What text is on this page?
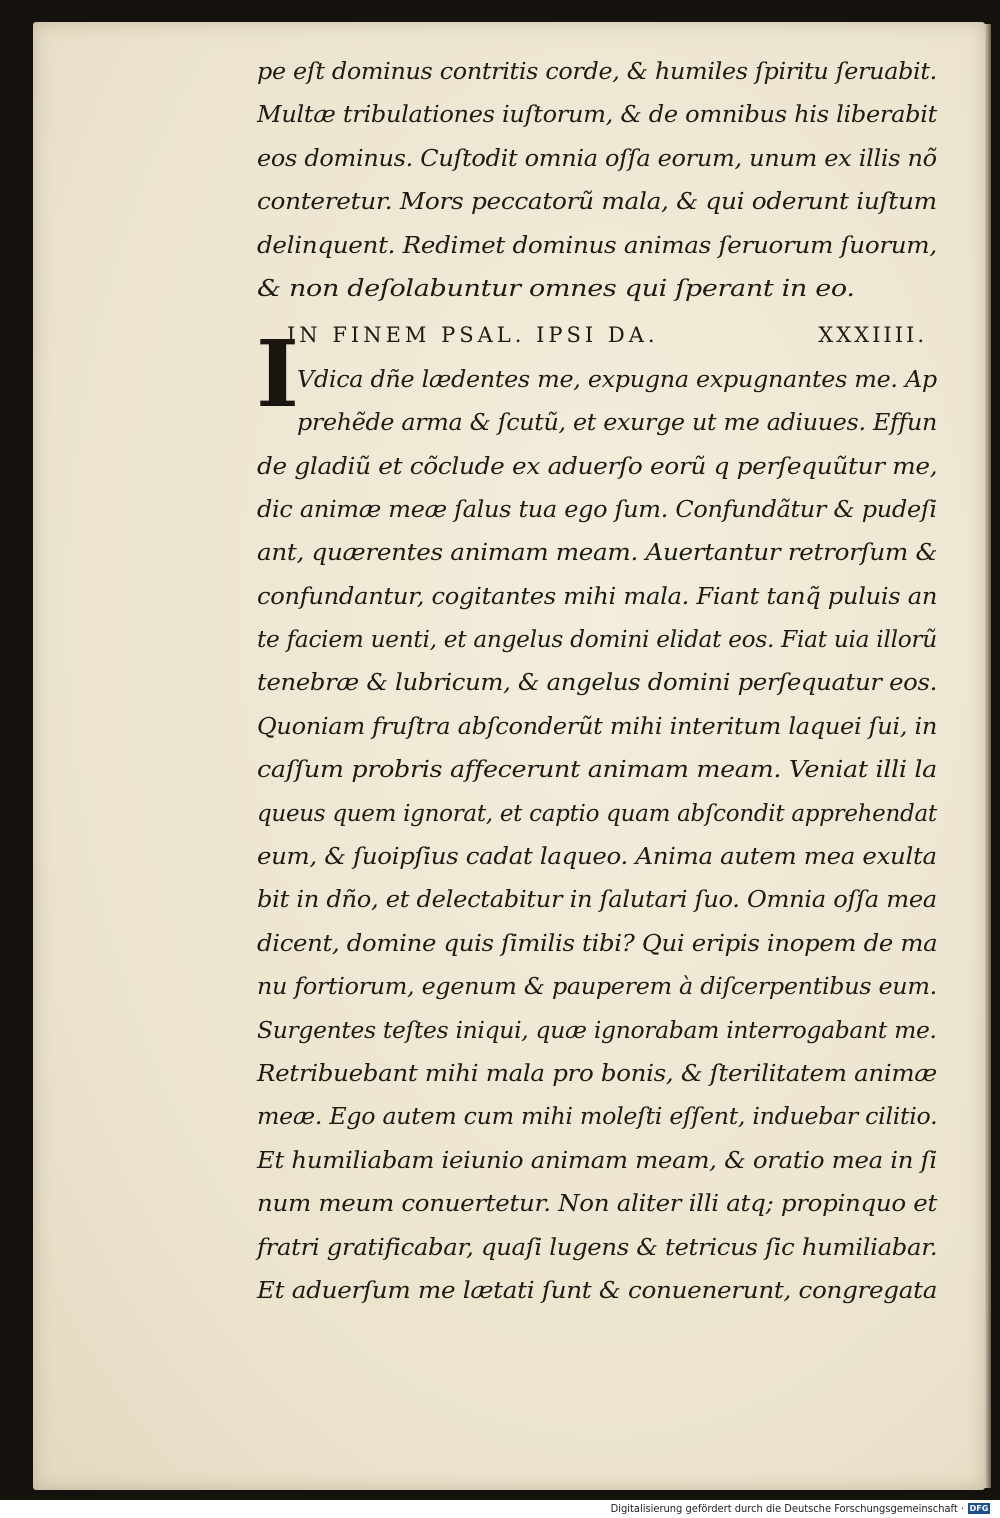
I
pe eſt dominus contritis corde, & humiles ſpiritu ſeruabit.
Multæ tribulationes iuſtorum, & de omnibus his liberabit
eos dominus. Cuſtodit omnia oſſa eorum, unum ex illis nõ
conteretur. Mors peccatorũ mala, & qui oderunt iuſtum
delinquent. Redimet dominus animas ſeruorum ſuorum,
& non deſolabuntur omnes qui ſperant in eo.
IN FINEM PSAL. IPSI DA.	XXXIIII.
Vdica dñe lædentes me, expugna expugnantes me. Ap
prehẽde arma & ſcutũ, et exurge ut me adiuues. Effun
de gladiũ et cõclude ex aduerſo eorũ q perſequũtur me,
dic animæ meæ ſalus tua ego ſum. Confundãtur & pudeſi
ant, quærentes animam meam. Auertantur retrorſum &
confundantur, cogitantes mihi mala. Fiant tanq̃ puluis an
te faciem uenti, et angelus domini elidat eos. Fiat uia illorũ
tenebræ & lubricum, & angelus domini perſequatur eos.
Quoniam fruſtra abſconderũt mihi interitum laquei ſui, in
caſſum probris affecerunt animam meam. Veniat illi la
queus quem ignorat, et captio quam abſcondit apprehendat
eum, & ſuoipſius cadat laqueo. Anima autem mea exulta
bit in dño, et delectabitur in ſalutari ſuo. Omnia oſſa mea
dicent, domine quis ſimilis tibi? Qui eripis inopem de ma
nu fortiorum, egenum & pauperem à diſcerpentibus eum.
Surgentes teſtes iniqui, quæ ignorabam interrogabant me.
Retribuebant mihi mala pro bonis, & ſterilitatem animæ
meæ. Ego autem cum mihi moleſti eſſent, induebar cilitio.
Et humiliabam ieiunio animam meam, & oratio mea in ſi
num meum conuertetur. Non aliter illi atq; propinquo et
fratri gratificabar, quaſi lugens & tetricus ſic humiliabar.
Et aduerſum me lætati ſunt & conuenerunt, congregata
Digitalisierung gefördert durch die Deutsche Forschungsgemeinschaft · DFG
